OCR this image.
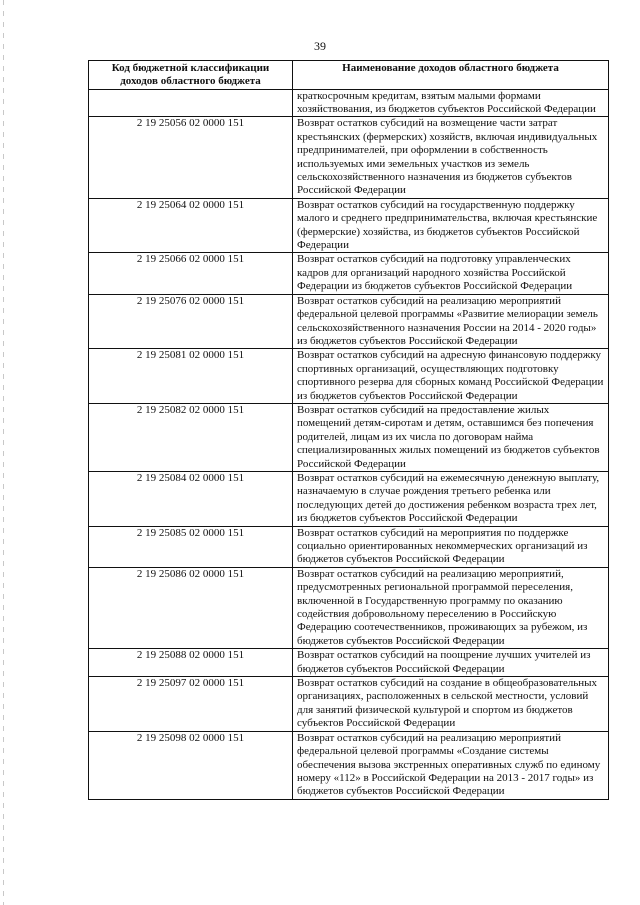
39
Код бюджетной классификации доходов областного бюджета	Наименование доходов областного бюджета
	краткосрочным кредитам, взятым малыми формами хозяйствования, из бюджетов субъектов Российской Федерации
2 19 25056 02 0000 151	Возврат остатков субсидий на возмещение части затрат крестьянских (фермерских) хозяйств, включая индивидуальных предпринимателей, при оформлении в собственность используемых ими земельных участков из земель сельскохозяйственного назначения из бюджетов субъектов Российской Федерации
2 19 25064 02 0000 151	Возврат остатков субсидий на государственную поддержку малого и среднего предпринимательства, включая крестьянские (фермерские) хозяйства, из бюджетов субъектов Российской Федерации
2 19 25066 02 0000 151	Возврат остатков субсидий на подготовку управленческих кадров для организаций народного хозяйства Российской Федерации из бюджетов субъектов Российской Федерации
2 19 25076 02 0000 151	Возврат остатков субсидий на реализацию мероприятий федеральной целевой программы «Развитие мелиорации земель сельскохозяйственного назначения России на 2014 - 2020 годы» из бюджетов субъектов Российской Федерации
2 19 25081 02 0000 151	Возврат остатков субсидий на адресную финансовую поддержку спортивных организаций, осуществляющих подготовку спортивного резерва для сборных команд Российской Федерации из бюджетов субъектов Российской Федерации
2 19 25082 02 0000 151	Возврат остатков субсидий на предоставление жилых помещений детям-сиротам и детям, оставшимся без попечения родителей, лицам из их числа по договорам найма специализированных жилых помещений из бюджетов субъектов Российской Федерации
2 19 25084 02 0000 151	Возврат остатков субсидий на ежемесячную денежную выплату, назначаемую в случае рождения третьего ребенка или последующих детей до достижения ребенком возраста трех лет, из бюджетов субъектов Российской Федерации
2 19 25085 02 0000 151	Возврат остатков субсидий на мероприятия по поддержке социально ориентированных некоммерческих организаций из бюджетов субъектов Российской Федерации
2 19 25086 02 0000 151	Возврат остатков субсидий на реализацию мероприятий, предусмотренных региональной программой переселения, включенной в Государственную программу по оказанию содействия добровольному переселению в Российскую Федерацию соотечественников, проживающих за рубежом, из бюджетов субъектов Российской Федерации
2 19 25088 02 0000 151	Возврат остатков субсидий на поощрение лучших учителей из бюджетов субъектов Российской Федерации
2 19 25097 02 0000 151	Возврат остатков субсидий на создание в общеобразовательных организациях, расположенных в сельской местности, условий для занятий физической культурой и спортом из бюджетов субъектов Российской Федерации
2 19 25098 02 0000 151	Возврат остатков субсидий на реализацию мероприятий федеральной целевой программы «Создание системы обеспечения вызова экстренных оперативных служб по единому номеру «112» в Российской Федерации на 2013 - 2017 годы» из бюджетов субъектов Российской Федерации
